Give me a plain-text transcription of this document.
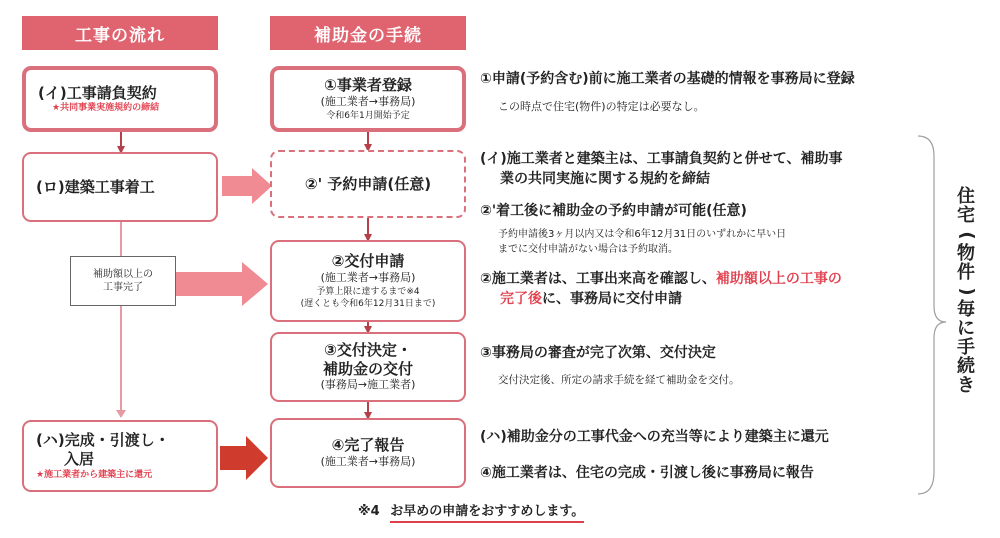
工事の流れ	補助金の手続
(イ)工事請負契約
★共同事業実施規約の締結
(ロ)建築工事着工
補助額以上の
工事完了
(ハ)完成・引渡し・
入居
★施工業者から建築主に還元
①事業者登録
(施工業者→事務局)
令和6年1月開始予定
②' 予約申請(任意)
②交付申請
(施工業者→事務局)
予算上限に達するまで※4
(遅くとも令和6年12月31日まで)
③交付決定・
補助金の交付
(事務局→施工業者)
④完了報告
(施工業者→事務局)
①申請(予約含む)前に施工業者の基礎的情報を事務局に登録
この時点で住宅(物件)の特定は必要なし。
(イ)施工業者と建築主は、工事請負契約と併せて、補助事
業の共同実施に関する規約を締結
②'着工後に補助金の予約申請が可能(任意)
予約申請後3ヶ月以内又は令和6年12月31日のいずれかに早い日
までに交付申請がない場合は予約取消。
②施工業者は、工事出来高を確認し、補助額以上の工事の
完了後に、事務局に交付申請
③事務局の審査が完了次第、交付決定
交付決定後、所定の請求手続を経て補助金を交付。
(ハ)補助金分の工事代金への充当等により建築主に還元
④施工業者は、住宅の完成・引渡し後に事務局に報告
住
宅
(
物
件
)
毎
に
手
続
き
※4 お早めの申請をおすすめします。
